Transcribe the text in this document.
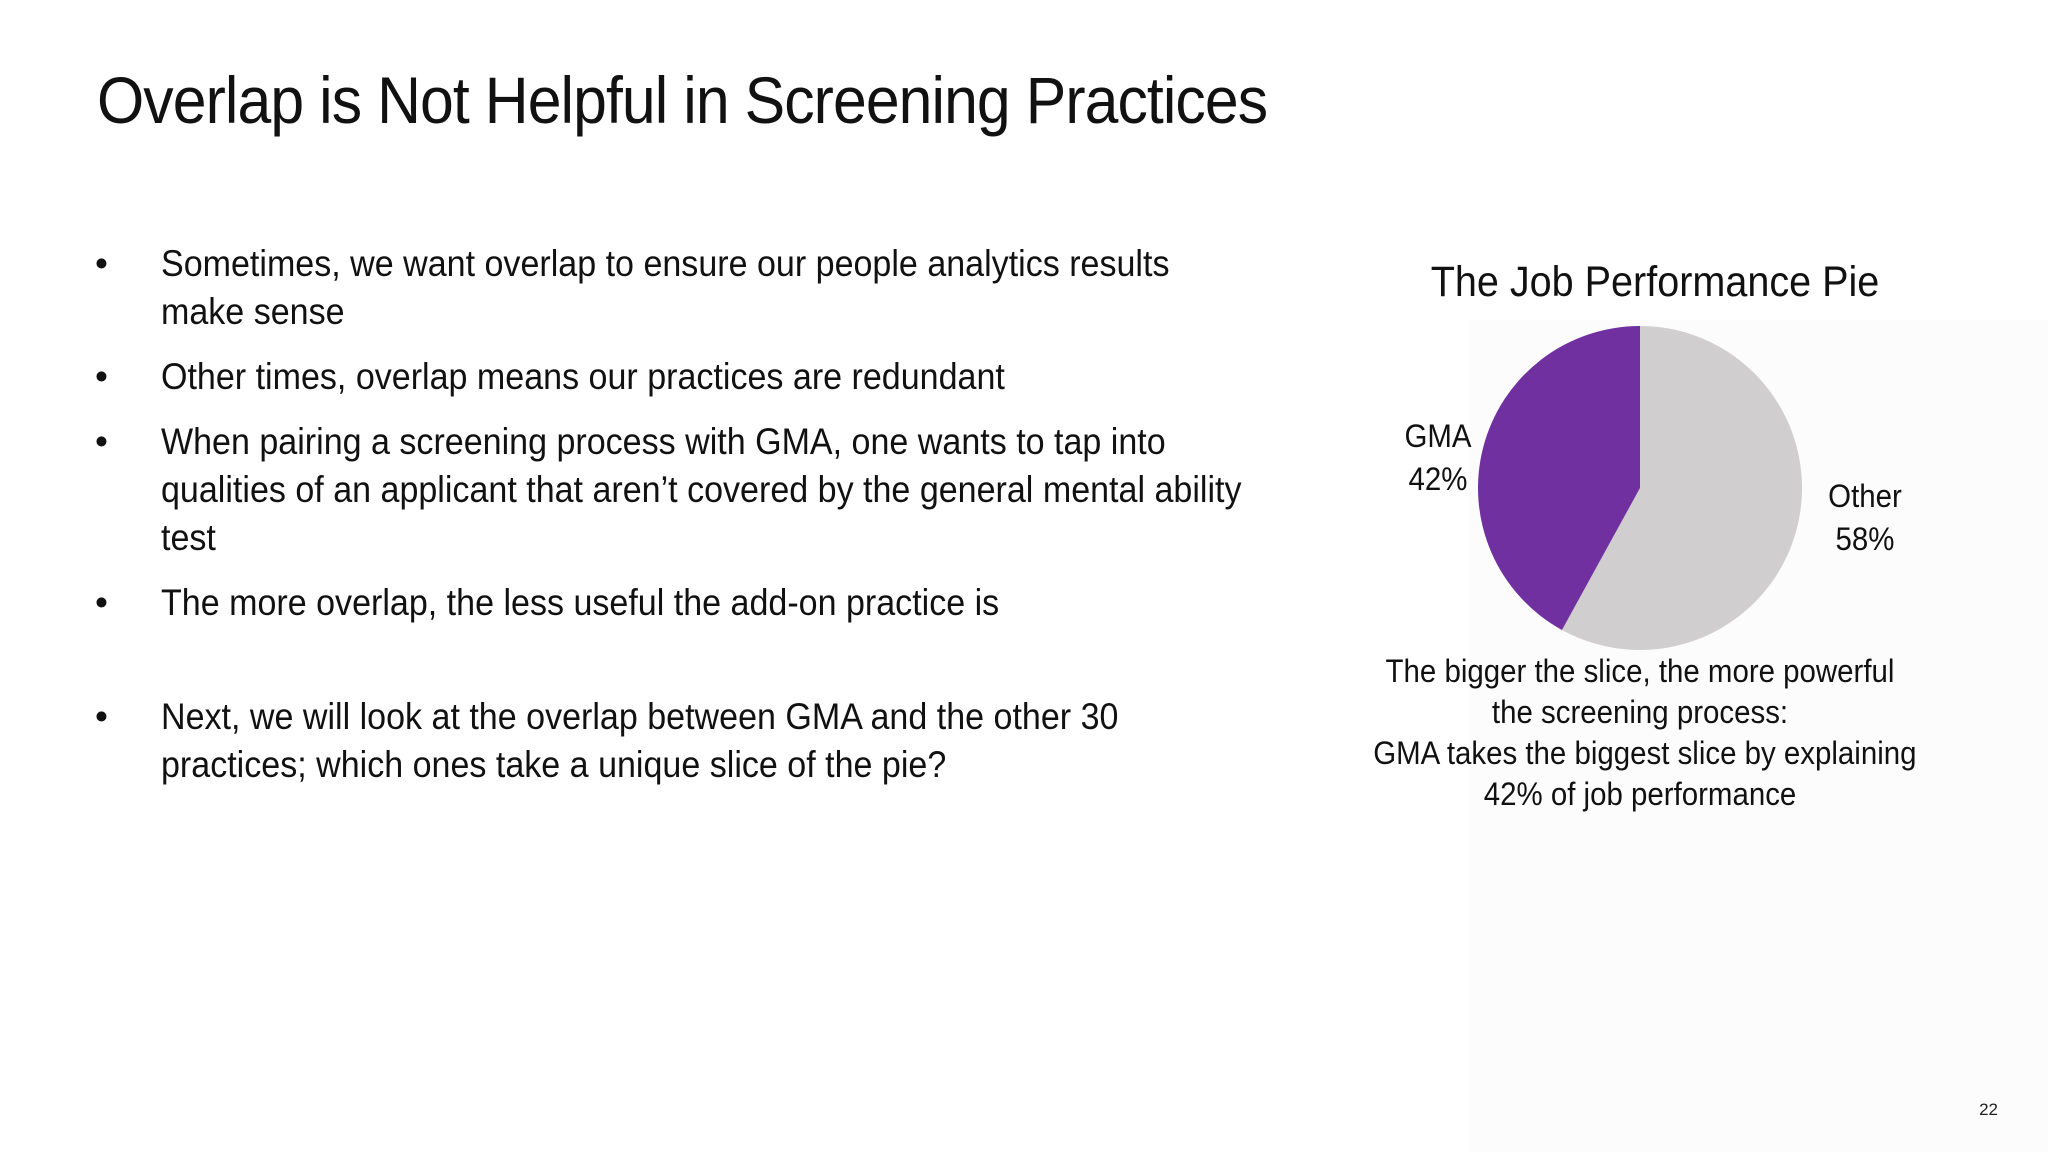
Overlap is Not Helpful in Screening Practices
• Sometimes, we want overlap to ensure our people analytics results make sense
• Other times, overlap means our practices are redundant
• When pairing a screening process with GMA, one wants to tap into qualities of an applicant that aren’t covered by the general mental ability test
• The more overlap, the less useful the add-on practice is
• Next, we will look at the overlap between GMA and the other 30 practices; which ones take a unique slice of the pie?
The Job Performance Pie
GMA
42%	Other
58%
The bigger the slice, the more powerful
the screening process:
GMA takes the biggest slice by explaining
42% of job performance
22
